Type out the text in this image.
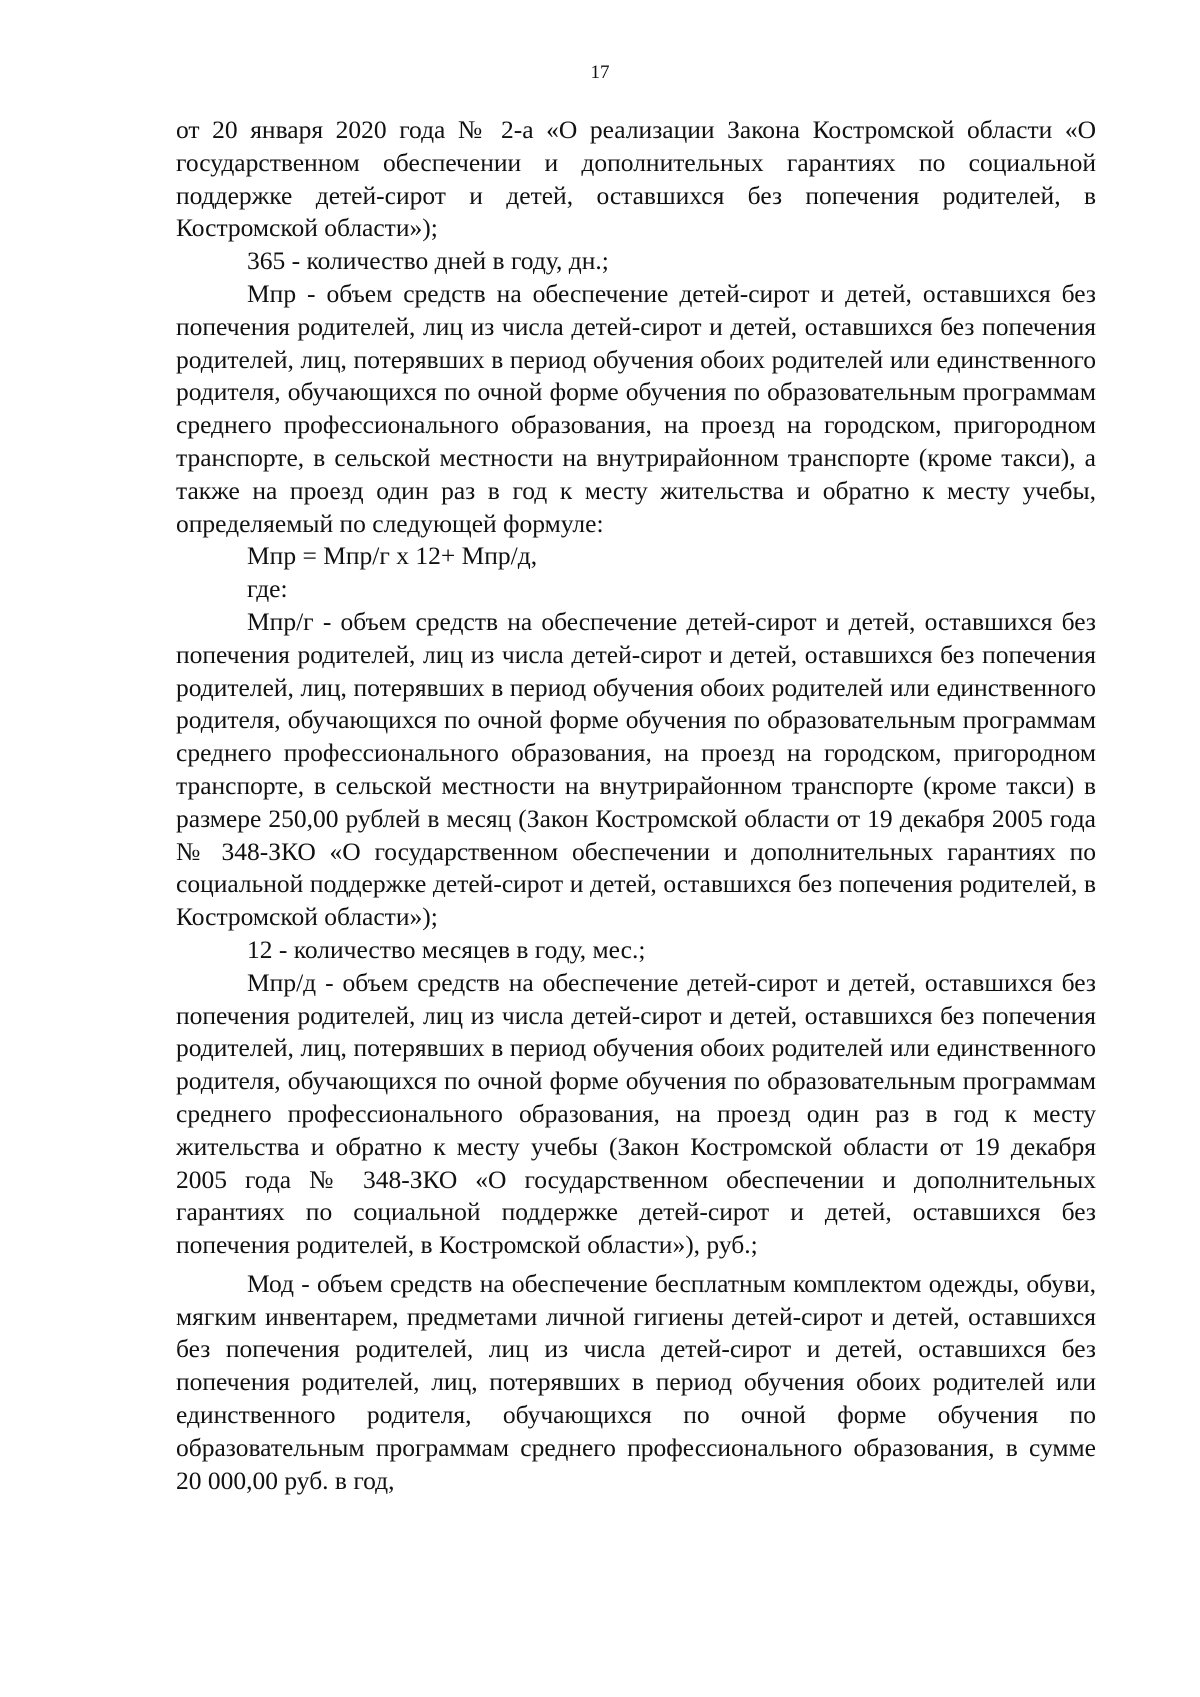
17

от 20 января 2020 года № 2-а «О реализации Закона Костромской области «О государственном обеспечении и дополнительных гарантиях по социальной поддержке детей-сирот и детей, оставшихся без попечения родителей, в Костромской области»);

365 - количество дней в году, дн.;

Мпр - объем средств на обеспечение детей-сирот и детей, оставшихся без попечения родителей, лиц из числа детей-сирот и детей, оставшихся без попечения родителей, лиц, потерявших в период обучения обоих родителей или единственного родителя, обучающихся по очной форме обучения по образовательным программам среднего профессионального образования, на проезд на городском, пригородном транспорте, в сельской местности на внутрирайонном транспорте (кроме такси), а также на проезд один раз в год к месту жительства и обратно к месту учебы, определяемый по следующей формуле:

Мпр = Мпр/г х 12+ Мпр/д,

где:

Мпр/г - объем средств на обеспечение детей-сирот и детей, оставшихся без попечения родителей, лиц из числа детей-сирот и детей, оставшихся без попечения родителей, лиц, потерявших в период обучения обоих родителей или единственного родителя, обучающихся по очной форме обучения по образовательным программам среднего профессионального образования, на проезд на городском, пригородном транспорте, в сельской местности на внутрирайонном транспорте (кроме такси) в размере 250,00 рублей в месяц (Закон Костромской области от 19 декабря 2005 года № 348-ЗКО «О государственном обеспечении и дополнительных гарантиях по социальной поддержке детей-сирот и детей, оставшихся без попечения родителей, в Костромской области»);

12 - количество месяцев в году, мес.;

Мпр/д - объем средств на обеспечение детей-сирот и детей, оставшихся без попечения родителей, лиц из числа детей-сирот и детей, оставшихся без попечения родителей, лиц, потерявших в период обучения обоих родителей или единственного родителя, обучающихся по очной форме обучения по образовательным программам среднего профессионального образования, на проезд один раз в год к месту жительства и обратно к месту учебы (Закон Костромской области от 19 декабря 2005 года № 348-ЗКО «О государственном обеспечении и дополнительных гарантиях по социальной поддержке детей-сирот и детей, оставшихся без попечения родителей, в Костромской области»), руб.;

Мод - объем средств на обеспечение бесплатным комплектом одежды, обуви, мягким инвентарем, предметами личной гигиены детей-сирот и детей, оставшихся без попечения родителей, лиц из числа детей-сирот и детей, оставшихся без попечения родителей, лиц, потерявших в период обучения обоих родителей или единственного родителя, обучающихся по очной форме обучения по образовательным программам среднего профессионального образования, в сумме 20 000,00 руб. в год,
